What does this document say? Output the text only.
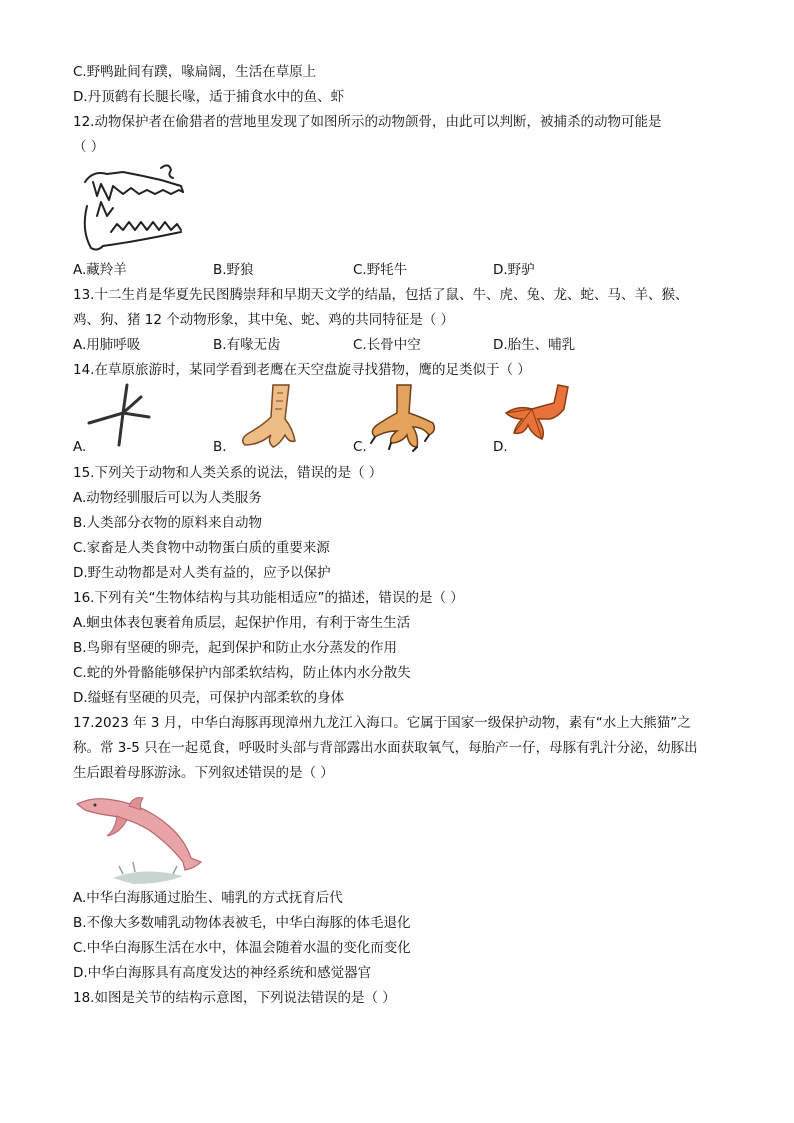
C.野鸭趾间有蹼，喙扁阔，生活在草原上
D.丹顶鹤有长腿长喙，适于捕食水中的鱼、虾
12.动物保护者在偷猎者的营地里发现了如图所示的动物颌骨，由此可以判断，被捕杀的动物可能是
（ ）
A.藏羚羊	B.野狼	C.野牦牛	D.野驴
13.十二生肖是华夏先民图腾崇拜和早期天文学的结晶，包括了鼠、牛、虎、兔、龙、蛇、马、羊、猴、
鸡、狗、猪 12 个动物形象，其中兔、蛇、鸡的共同特征是（ ）
A.用肺呼吸	B.有喙无齿	C.长骨中空	D.胎生、哺乳
14.在草原旅游时，某同学看到老鹰在天空盘旋寻找猎物，鹰的足类似于（ ）
A.	B.	C.	D.
15.下列关于动物和人类关系的说法，错误的是（ ）
A.动物经驯服后可以为人类服务
B.人类部分衣物的原料来自动物
C.家畜是人类食物中动物蛋白质的重要来源
D.野生动物都是对人类有益的，应予以保护
16.下列有关“生物体结构与其功能相适应”的描述，错误的是（ ）
A.蛔虫体表包裹着角质层，起保护作用，有利于寄生生活
B.鸟卵有坚硬的卵壳，起到保护和防止水分蒸发的作用
C.蛇的外骨骼能够保护内部柔软结构，防止体内水分散失
D.缢蛏有坚硬的贝壳，可保护内部柔软的身体
17.2023 年 3 月，中华白海豚再现漳州九龙江入海口。它属于国家一级保护动物，素有“水上大熊猫”之
称。常 3-5 只在一起觅食，呼吸时头部与背部露出水面获取氧气，每胎产一仔，母豚有乳汁分泌，幼豚出
生后跟着母豚游泳。下列叙述错误的是（ ）
A.中华白海豚通过胎生、哺乳的方式抚育后代
B.不像大多数哺乳动物体表被毛，中华白海豚的体毛退化
C.中华白海豚生活在水中，体温会随着水温的变化而变化
D.中华白海豚具有高度发达的神经系统和感觉器官
18.如图是关节的结构示意图，下列说法错误的是（ ）
